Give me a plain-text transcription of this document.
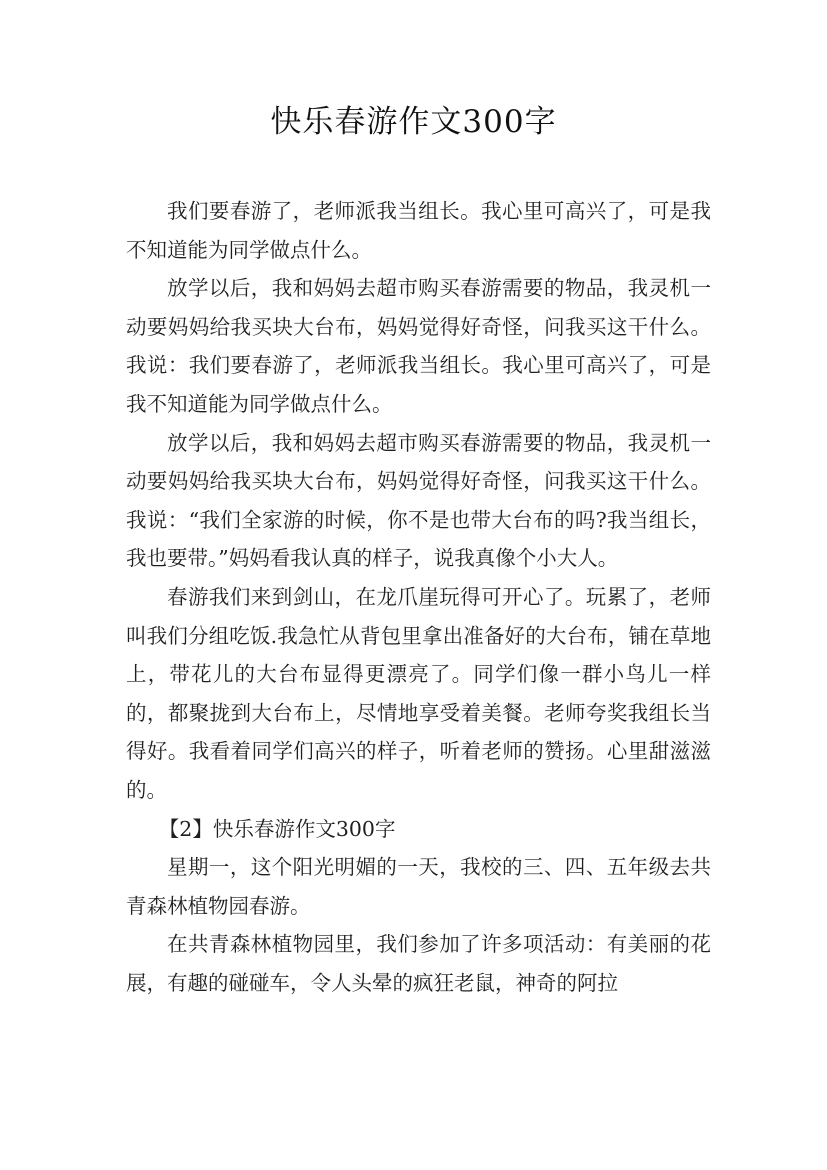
快乐春游作文300字

我们要春游了，老师派我当组长。我心里可高兴了，可是我不知道能为同学做点什么。

放学以后，我和妈妈去超市购买春游需要的物品，我灵机一动要妈妈给我买块大台布，妈妈觉得好奇怪，问我买这干什么。我说：我们要春游了，老师派我当组长。我心里可高兴了，可是我不知道能为同学做点什么。

放学以后，我和妈妈去超市购买春游需要的物品，我灵机一动要妈妈给我买块大台布，妈妈觉得好奇怪，问我买这干什么。我说：“我们全家游的时候，你不是也带大台布的吗?我当组长，我也要带。”妈妈看我认真的样子，说我真像个小大人。

春游我们来到剑山，在龙爪崖玩得可开心了。玩累了，老师叫我们分组吃饭.我急忙从背包里拿出准备好的大台布，铺在草地上，带花儿的大台布显得更漂亮了。同学们像一群小鸟儿一样的，都聚拢到大台布上，尽情地享受着美餐。老师夸奖我组长当得好。我看着同学们高兴的样子，听着老师的赞扬。心里甜滋滋的。

【2】快乐春游作文300字

星期一，这个阳光明媚的一天，我校的三、四、五年级去共青森林植物园春游。

在共青森林植物园里，我们参加了许多项活动：有美丽的花展，有趣的碰碰车，令人头晕的疯狂老鼠，神奇的阿拉
